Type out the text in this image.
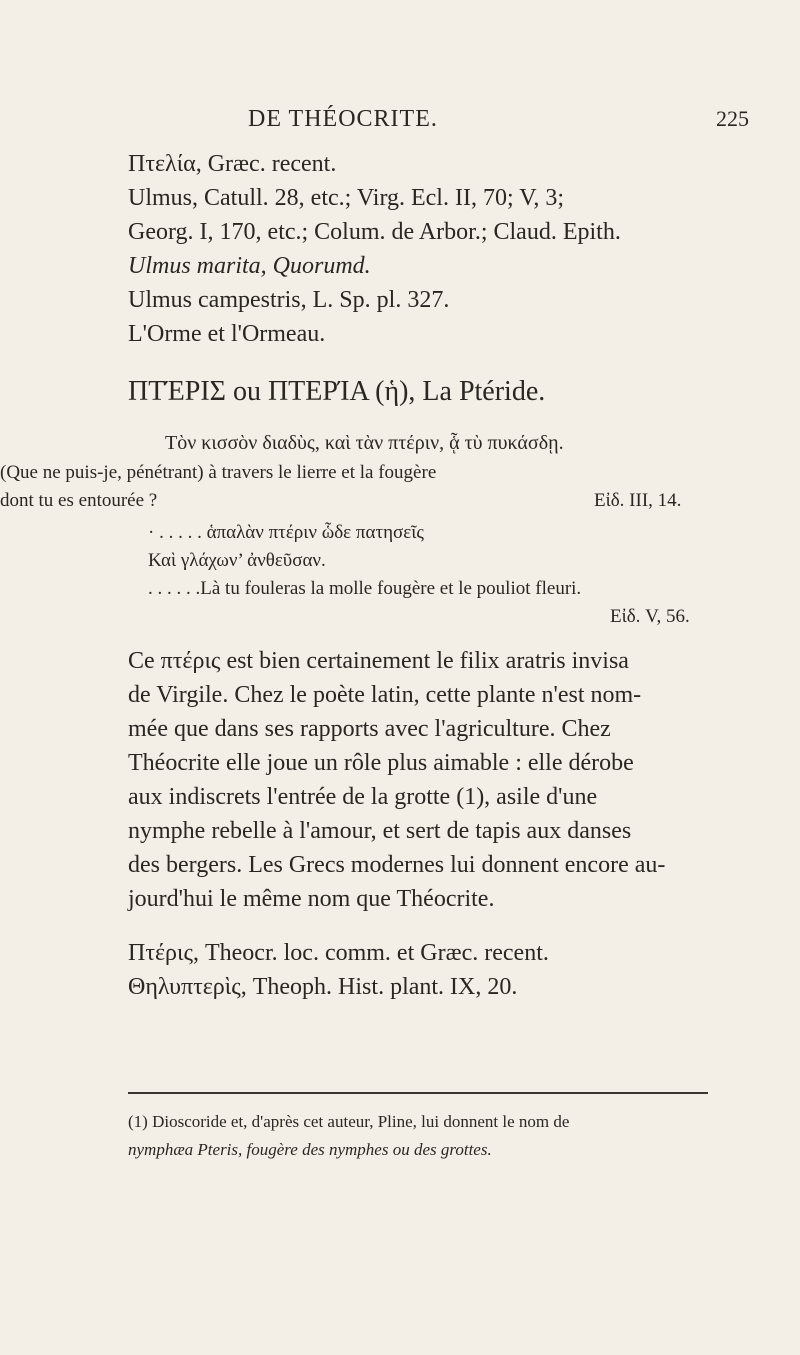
DE THÉOCRITE.	225
Πτελία, Græc. recent.
Ulmus, Catull. 28, etc.; Virg. Ecl. II, 70; V, 3;
Georg. I, 170, etc.; Colum. de Arbor.; Claud. Epith.
Ulmus marita, Quorumd.
Ulmus campestris, L. Sp. pl. 327.
L'Orme et l'Ormeau.
ΠΤΈΡΙΣ ou ΠΤΕΡΊΑ (ἡ), La Ptéride.
Τὸν κισσὸν διαδὺς, καὶ τὰν πτέριν, ᾇ τὺ πυκάσδῃ.
(Que ne puis-je, pénétrant) à travers le lierre et la fougère
dont tu es entourée ?	Εἰδ. III, 14.
· . . . . . ἁπαλὰν πτέριν ὧδε πατησεῖς
Καὶ γλάχων’ ἀνθεῦσαν.
. . . . . .Là tu fouleras la molle fougère et le pouliot fleuri.
Εἰδ. V, 56.
Ce πτέρις est bien certainement le filix aratris invisa
de Virgile. Chez le poète latin, cette plante n'est nom-
mée que dans ses rapports avec l'agriculture. Chez
Théocrite elle joue un rôle plus aimable : elle dérobe
aux indiscrets l'entrée de la grotte (1), asile d'une
nymphe rebelle à l'amour, et sert de tapis aux danses
des bergers. Les Grecs modernes lui donnent encore au-
jourd'hui le même nom que Théocrite.
Πτέρις, Theocr. loc. comm. et Græc. recent.
Θηλυπτερὶς, Theoph. Hist. plant. IX, 20.
(1) Dioscoride et, d'après cet auteur, Pline, lui donnent le nom de
nymphæa Pteris, fougère des nymphes ou des grottes.
